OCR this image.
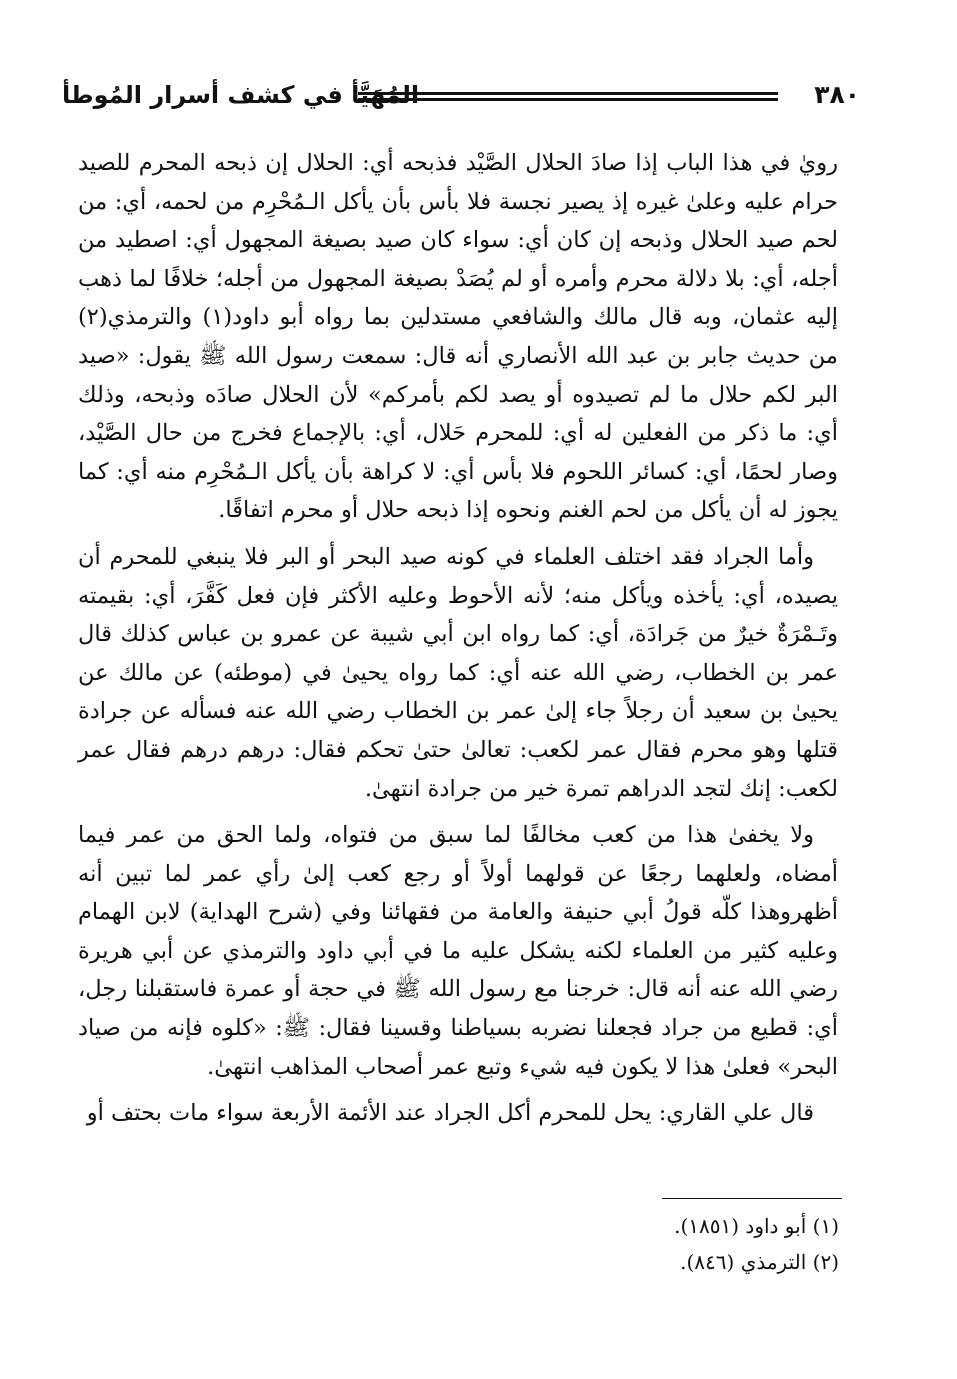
٣٨٠
المُهَيَّأ في كشف أسرار المُوطأ

رويٰ في هذا الباب إذا صادَ الحلال الصَّيْد فذبحه أي: الحلال إن ذبحه المحرم للصيد حرام عليه وعلىٰ غيره إذ يصير نجسة فلا بأس بأن يأكل الـمُحْرِم من لحمه، أي: من لحم صيد الحلال وذبحه إن كان أي: سواء كان صيد بصيغة المجهول أي: اصطيد من أجله، أي: بلا دلالة محرم وأمره أو لم يُصَدْ بصيغة المجهول من أجله؛ خلافًا لما ذهب إليه عثمان، وبه قال مالك والشافعي مستدلين بما رواه أبو داود(١) والترمذي(٢) من حديث جابر بن عبد الله الأنصاري أنه قال: سمعت رسول الله ﷺ يقول: «صيد البر لكم حلال ما لم تصيدوه أو يصد لكم بأمركم» لأن الحلال صادَه وذبحه، وذلك أي: ما ذكر من الفعلين له أي: للمحرم حَلال، أي: بالإجماع فخرج من حال الصَّيْد، وصار لحمًا، أي: كسائر اللحوم فلا بأس أي: لا كراهة بأن يأكل الـمُحْرِم منه أي: كما يجوز له أن يأكل من لحم الغنم ونحوه إذا ذبحه حلال أو محرم اتفاقًا.

وأما الجراد فقد اختلف العلماء في كونه صيد البحر أو البر فلا ينبغي للمحرم أن يصيده، أي: يأخذه ويأكل منه؛ لأنه الأحوط وعليه الأكثر فإن فعل كَفَّرَ، أي: بقيمته وتَـمْرَةٌ خيرٌ من جَرادَة، أي: كما رواه ابن أبي شيبة عن عمرو بن عباس كذلك قال عمر بن الخطاب، رضي الله عنه أي: كما رواه يحيىٰ في (موطئه) عن مالك عن يحيىٰ بن سعيد أن رجلاً جاء إلىٰ عمر بن الخطاب رضي الله عنه فسأله عن جرادة قتلها وهو محرم فقال عمر لكعب: تعالىٰ حتىٰ تحكم فقال: درهم درهم فقال عمر لكعب: إنك لتجد الدراهم تمرة خير من جرادة انتهىٰ.

ولا يخفىٰ هذا من كعب مخالفًا لما سبق من فتواه، ولما الحق من عمر فيما أمضاه، ولعلهما رجعًا عن قولهما أولاً أو رجع كعب إلىٰ رأي عمر لما تبين أنه أظهروهذا كلّه قولُ أبي حنيفة والعامة من فقهائنا وفي (شرح الهداية) لابن الهمام وعليه كثير من العلماء لكنه يشكل عليه ما في أبي داود والترمذي عن أبي هريرة رضي الله عنه أنه قال: خرجنا مع رسول الله ﷺ في حجة أو عمرة فاستقبلنا رجل، أي: قطيع من جراد فجعلنا نضربه بسياطنا وقسينا فقال: ﷺ: «كلوه فإنه من صياد البحر» فعلىٰ هذا لا يكون فيه شيء وتبع عمر أصحاب المذاهب انتهىٰ.

قال علي القاري: يحل للمحرم أكل الجراد عند الأئمة الأربعة سواء مات بحتف أو

(١) أبو داود (١٨٥١).
(٢) الترمذي (٨٤٦).
